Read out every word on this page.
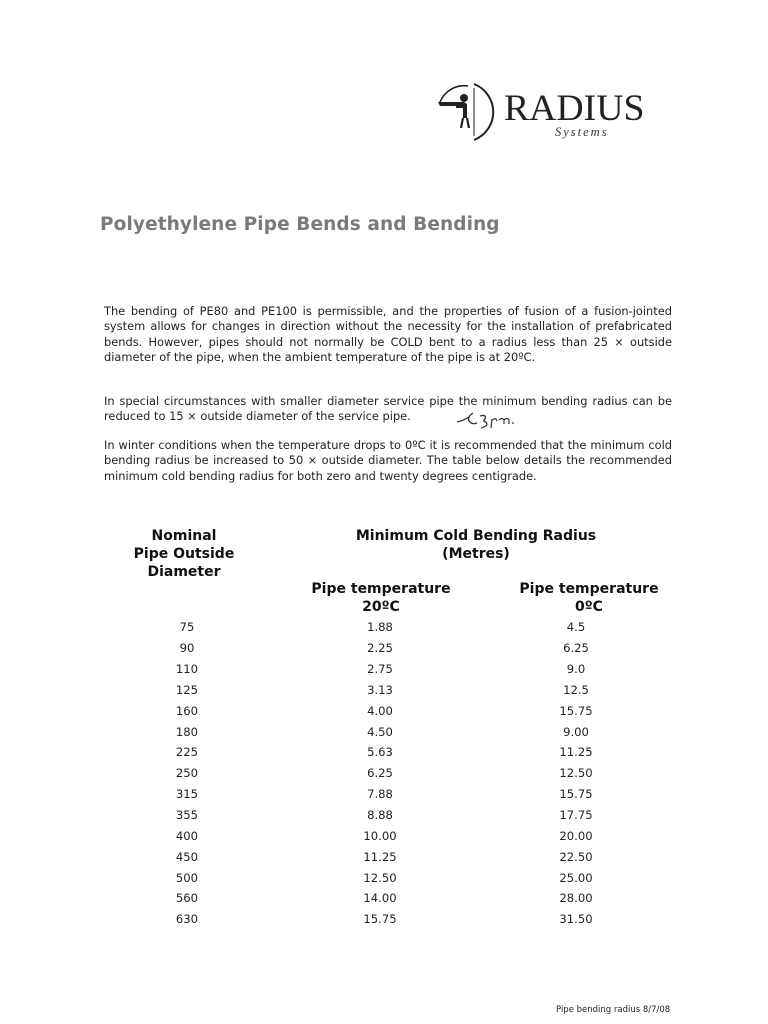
RADIUS
Systems
Polyethylene Pipe Bends and Bending

The bending of PE80 and PE100 is permissible, and the properties of fusion of a fusion-jointed system allows for changes in direction without the necessity for the installation of prefabricated bends. However, pipes should not normally be COLD bent to a radius less than 25 × outside diameter of the pipe, when the ambient temperature of the pipe is at 20ºC.

In special circumstances with smaller diameter service pipe the minimum bending radius can be reduced to 15 × outside diameter of the service pipe.

In winter conditions when the temperature drops to 0ºC it is recommended that the minimum cold bending radius be increased to 50 × outside diameter. The table below details the recommended minimum cold bending radius for both zero and twenty degrees centigrade.

Nominal
Pipe Outside
Diameter
Minimum Cold Bending Radius
(Metres)
Pipe temperature
20ºC
Pipe temperature
0ºC
75	1.88	4.5
90	2.25	6.25
110	2.75	9.0
125	3.13	12.5
160	4.00	15.75
180	4.50	9.00
225	5.63	11.25
250	6.25	12.50
315	7.88	15.75
355	8.88	17.75
400	10.00	20.00
450	11.25	22.50
500	12.50	25.00
560	14.00	28.00
630	15.75	31.50
Pipe bending radius 8/7/08
